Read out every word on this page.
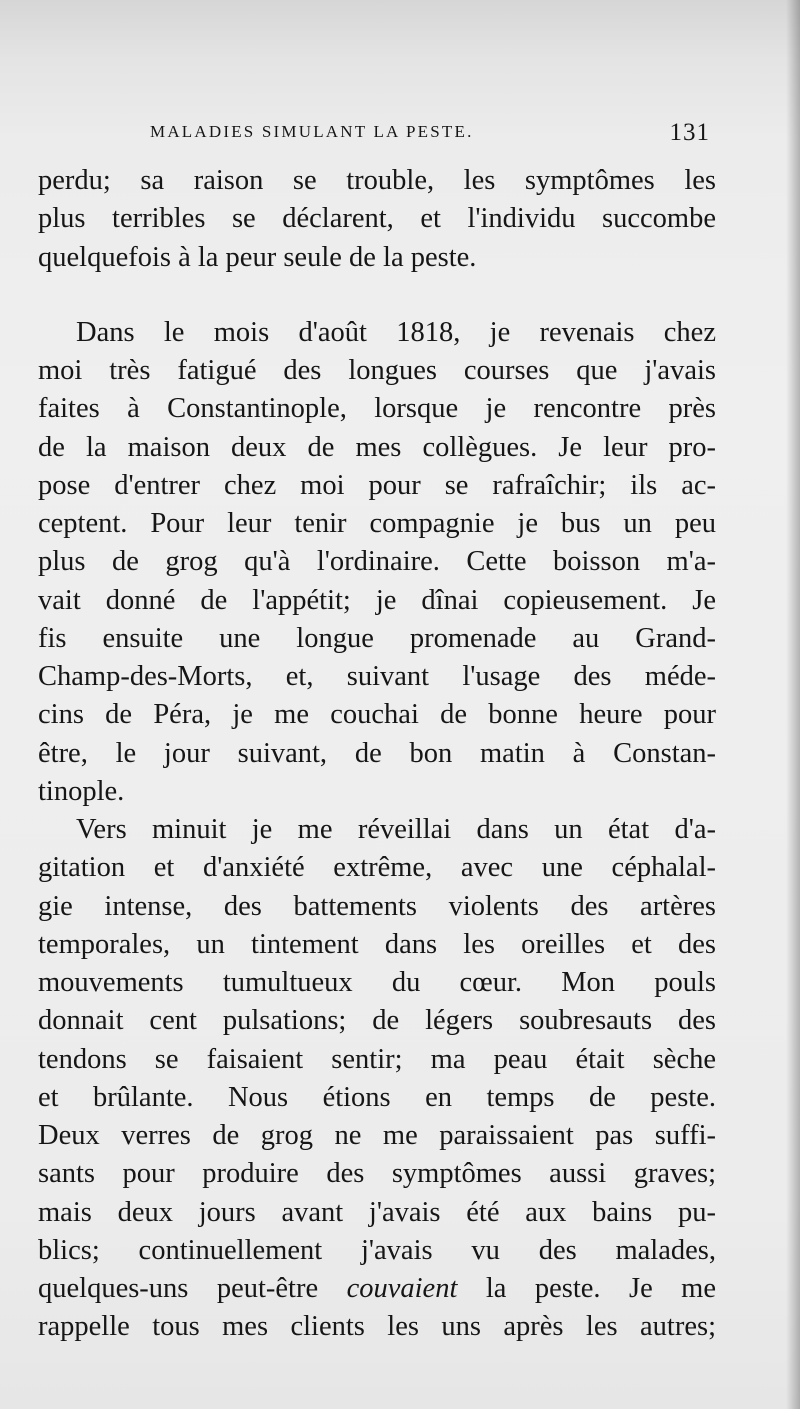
MALADIES SIMULANT LA PESTE.	131
perdu; sa raison se trouble, les symptômes les
plus terribles se déclarent, et l'individu succombe
quelquefois à la peur seule de la peste.
Dans le mois d'août 1818, je revenais chez
moi très fatigué des longues courses que j'avais
faites à Constantinople, lorsque je rencontre près
de la maison deux de mes collègues. Je leur pro-
pose d'entrer chez moi pour se rafraîchir; ils ac-
ceptent. Pour leur tenir compagnie je bus un peu
plus de grog qu'à l'ordinaire. Cette boisson m'a-
vait donné de l'appétit; je dînai copieusement. Je
fis ensuite une longue promenade au Grand-
Champ-des-Morts, et, suivant l'usage des méde-
cins de Péra, je me couchai de bonne heure pour
être, le jour suivant, de bon matin à Constan-
tinople.
Vers minuit je me réveillai dans un état d'a-
gitation et d'anxiété extrême, avec une céphalal-
gie intense, des battements violents des artères
temporales, un tintement dans les oreilles et des
mouvements tumultueux du cœur. Mon pouls
donnait cent pulsations; de légers soubresauts des
tendons se faisaient sentir; ma peau était sèche
et brûlante. Nous étions en temps de peste.
Deux verres de grog ne me paraissaient pas suffi-
sants pour produire des symptômes aussi graves;
mais deux jours avant j'avais été aux bains pu-
blics; continuellement j'avais vu des malades,
quelques-uns peut-être couvaient la peste. Je me
rappelle tous mes clients les uns après les autres;
